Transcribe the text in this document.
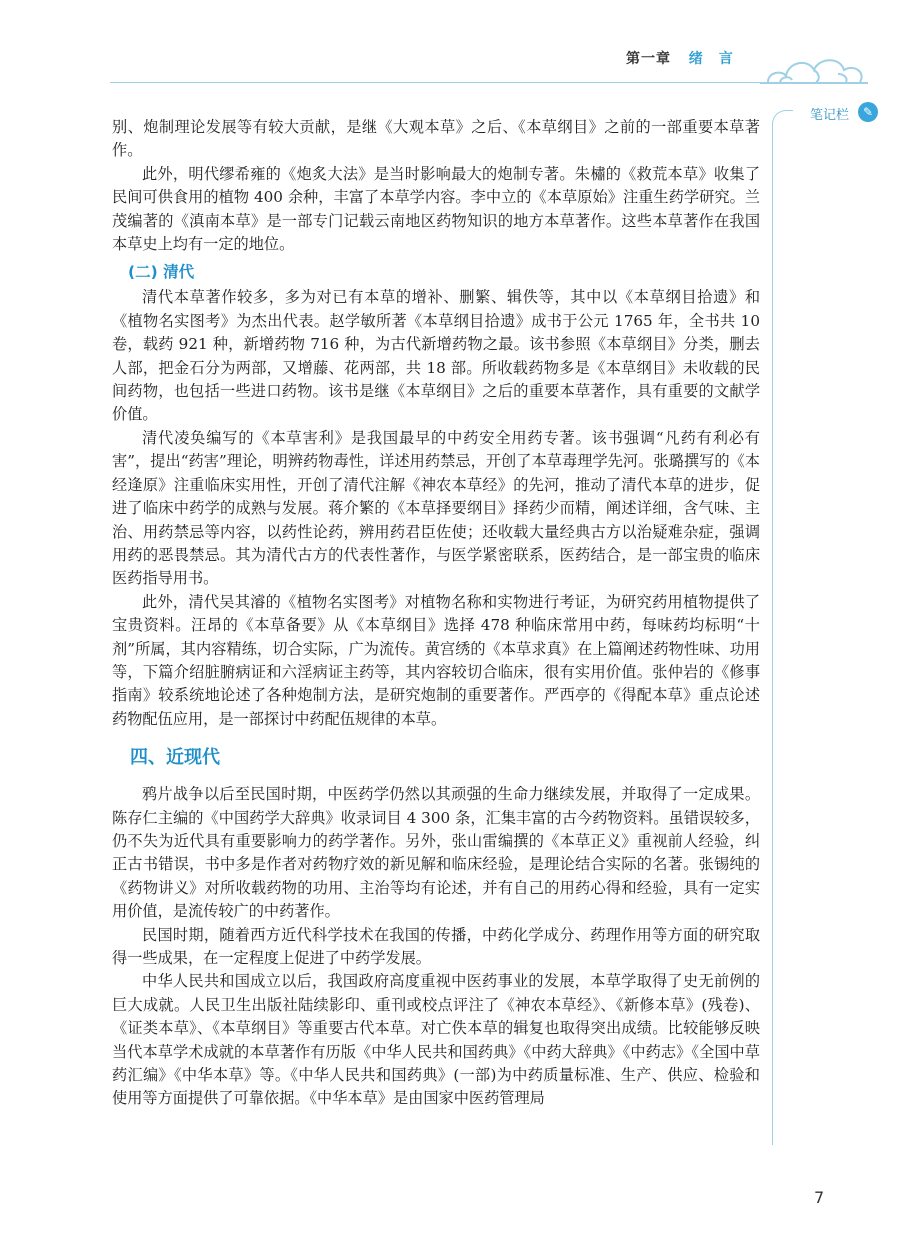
第一章 绪　言
笔记栏	✎

别、炮制理论发展等有较大贡献，是继《大观本草》之后、《本草纲目》之前的一部重要本草著作。

此外，明代缪希雍的《炮炙大法》是当时影响最大的炮制专著。朱橚的《救荒本草》收集了民间可供食用的植物 400 余种，丰富了本草学内容。李中立的《本草原始》注重生药学研究。兰茂编著的《滇南本草》是一部专门记载云南地区药物知识的地方本草著作。这些本草著作在我国本草史上均有一定的地位。

(二) 清代

清代本草著作较多，多为对已有本草的增补、删繁、辑佚等，其中以《本草纲目拾遗》和《植物名实图考》为杰出代表。赵学敏所著《本草纲目拾遗》成书于公元 1765 年，全书共 10 卷，载药 921 种，新增药物 716 种，为古代新增药物之最。该书参照《本草纲目》分类，删去人部，把金石分为两部，又增藤、花两部，共 18 部。所收载药物多是《本草纲目》未收载的民间药物，也包括一些进口药物。该书是继《本草纲目》之后的重要本草著作，具有重要的文献学价值。

清代凌奂编写的《本草害利》是我国最早的中药安全用药专著。该书强调“凡药有利必有害”，提出“药害”理论，明辨药物毒性，详述用药禁忌，开创了本草毒理学先河。张璐撰写的《本经逢原》注重临床实用性，开创了清代注解《神农本草经》的先河，推动了清代本草的进步，促进了临床中药学的成熟与发展。蒋介繁的《本草择要纲目》择药少而精，阐述详细，含气味、主治、用药禁忌等内容，以药性论药，辨用药君臣佐使；还收载大量经典古方以治疑难杂症，强调用药的恶畏禁忌。其为清代古方的代表性著作，与医学紧密联系，医药结合，是一部宝贵的临床医药指导用书。

此外，清代吴其濬的《植物名实图考》对植物名称和实物进行考证，为研究药用植物提供了宝贵资料。汪昂的《本草备要》从《本草纲目》选择 478 种临床常用中药，每味药均标明“十剂”所属，其内容精练，切合实际，广为流传。黄宫绣的《本草求真》在上篇阐述药物性味、功用等，下篇介绍脏腑病证和六淫病证主药等，其内容较切合临床，很有实用价值。张仲岩的《修事指南》较系统地论述了各种炮制方法，是研究炮制的重要著作。严西亭的《得配本草》重点论述药物配伍应用，是一部探讨中药配伍规律的本草。

四、近现代

鸦片战争以后至民国时期，中医药学仍然以其顽强的生命力继续发展，并取得了一定成果。陈存仁主编的《中国药学大辞典》收录词目 4 300 条，汇集丰富的古今药物资料。虽错误较多，仍不失为近代具有重要影响力的药学著作。另外，张山雷编撰的《本草正义》重视前人经验，纠正古书错误，书中多是作者对药物疗效的新见解和临床经验，是理论结合实际的名著。张锡纯的《药物讲义》对所收载药物的功用、主治等均有论述，并有自己的用药心得和经验，具有一定实用价值，是流传较广的中药著作。

民国时期，随着西方近代科学技术在我国的传播，中药化学成分、药理作用等方面的研究取得一些成果，在一定程度上促进了中药学发展。

中华人民共和国成立以后，我国政府高度重视中医药事业的发展，本草学取得了史无前例的巨大成就。人民卫生出版社陆续影印、重刊或校点评注了《神农本草经》、《新修本草》(残卷)、《证类本草》、《本草纲目》等重要古代本草。对亡佚本草的辑复也取得突出成绩。比较能够反映当代本草学术成就的本草著作有历版《中华人民共和国药典》《中药大辞典》《中药志》《全国中草药汇编》《中华本草》等。《中华人民共和国药典》(一部)为中药质量标准、生产、供应、检验和使用等方面提供了可靠依据。《中华本草》是由国家中医药管理局

7
